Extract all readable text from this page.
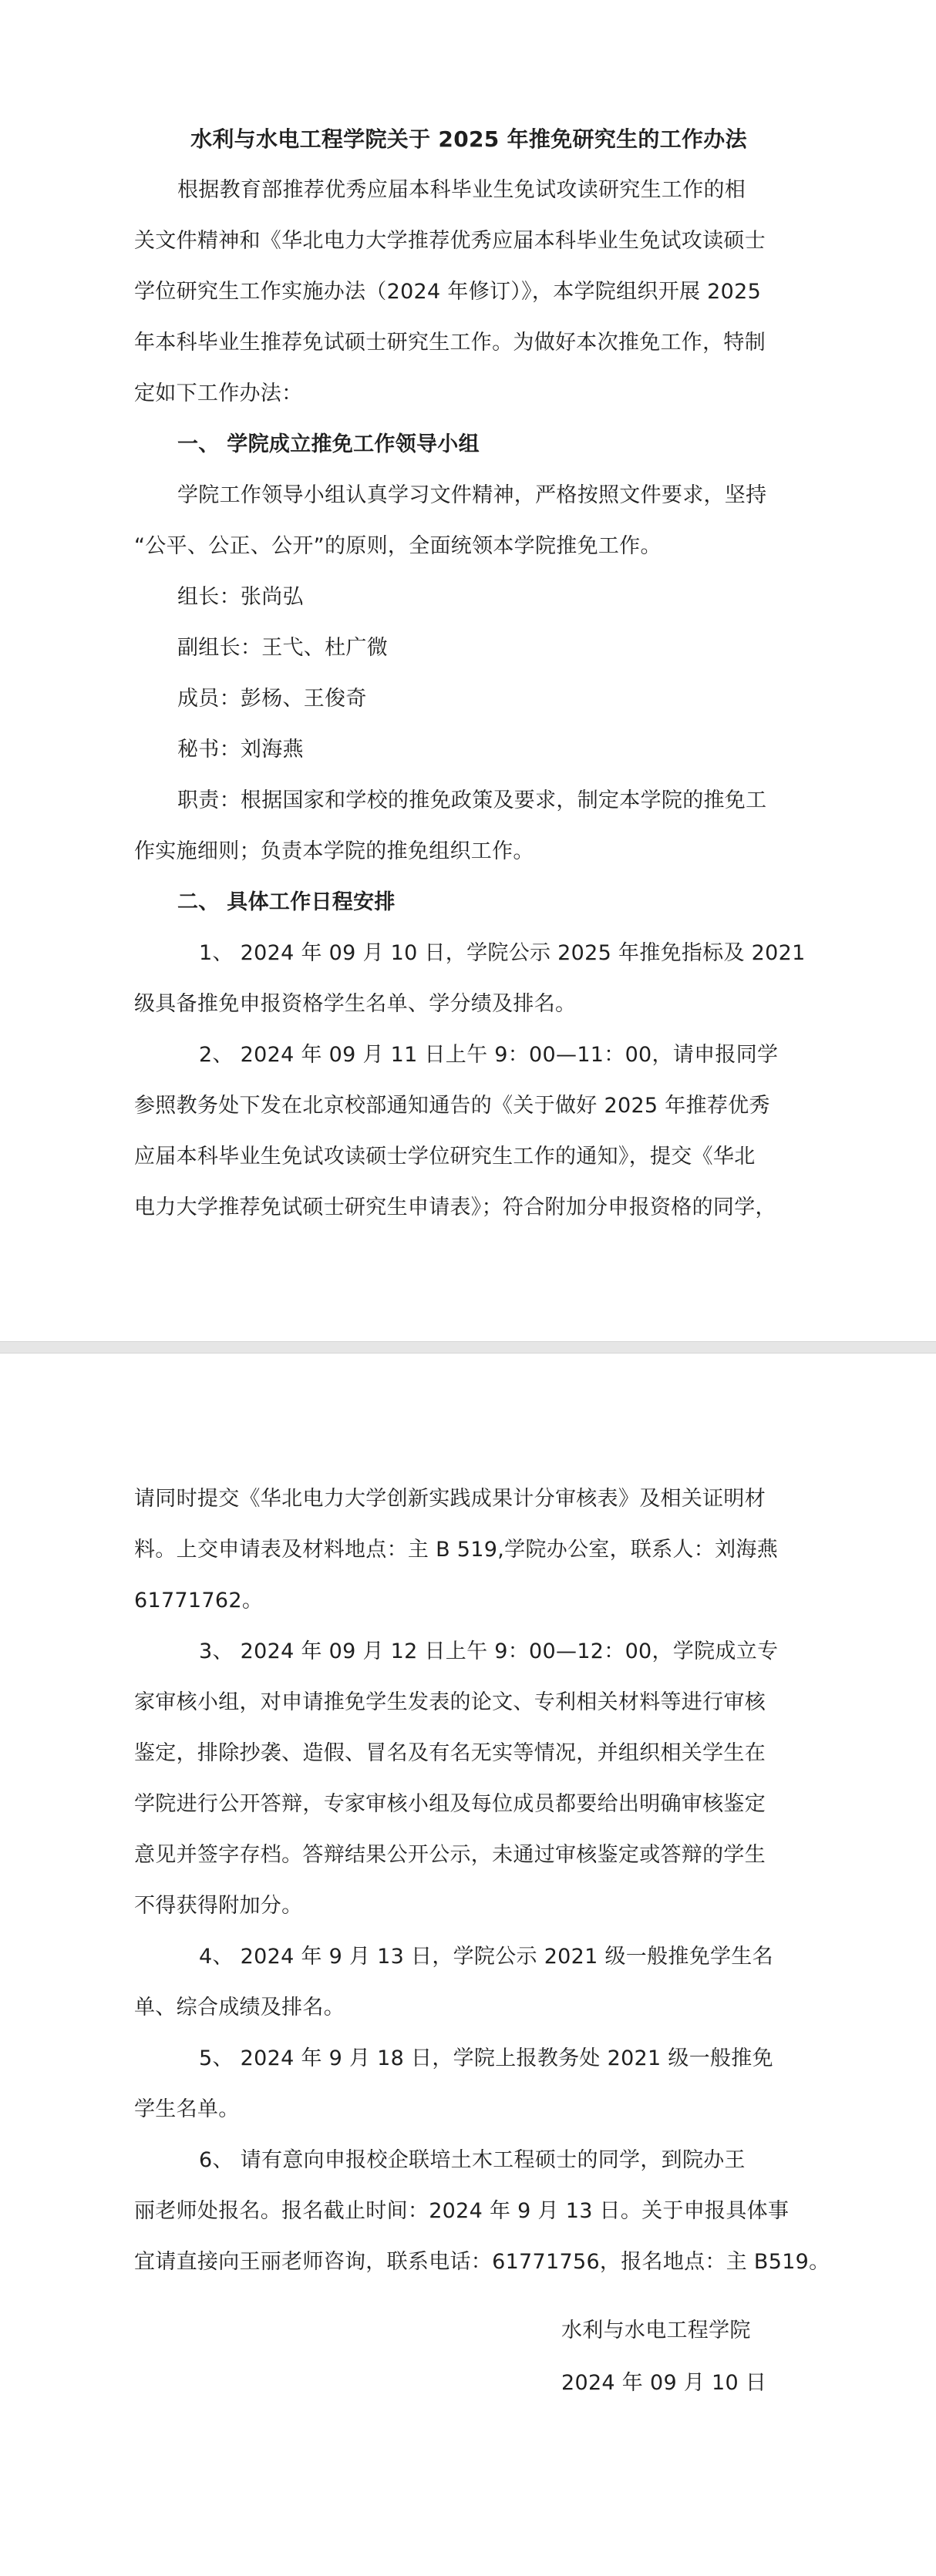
水利与水电工程学院关于 2025 年推免研究生的工作办法

根据教育部推荐优秀应届本科毕业生免试攻读研究生工作的相

关文件精神和《华北电力大学推荐优秀应届本科毕业生免试攻读硕士

学位研究生工作实施办法（2024 年修订）》，本学院组织开展 2025

年本科毕业生推荐免试硕士研究生工作。为做好本次推免工作，特制

定如下工作办法：

一、 学院成立推免工作领导小组

学院工作领导小组认真学习文件精神，严格按照文件要求，坚持

“公平、公正、公开”的原则，全面统领本学院推免工作。

组长：张尚弘

副组长：王弋、杜广微

成员：彭杨、王俊奇

秘书：刘海燕

职责：根据国家和学校的推免政策及要求，制定本学院的推免工

作实施细则；负责本学院的推免组织工作。

二、 具体工作日程安排

1、 2024 年 09 月 10 日，学院公示 2025 年推免指标及 2021

级具备推免申报资格学生名单、学分绩及排名。

2、 2024 年 09 月 11 日上午 9：00—11：00，请申报同学

参照教务处下发在北京校部通知通告的《关于做好 2025 年推荐优秀

应届本科毕业生免试攻读硕士学位研究生工作的通知》，提交《华北

电力大学推荐免试硕士研究生申请表》；符合附加分申报资格的同学，

请同时提交《华北电力大学创新实践成果计分审核表》及相关证明材

料。上交申请表及材料地点：主 B 519,学院办公室，联系人：刘海燕

61771762。

3、 2024 年 09 月 12 日上午 9：00—12：00，学院成立专

家审核小组，对申请推免学生发表的论文、专利相关材料等进行审核

鉴定，排除抄袭、造假、冒名及有名无实等情况，并组织相关学生在

学院进行公开答辩，专家审核小组及每位成员都要给出明确审核鉴定

意见并签字存档。答辩结果公开公示，未通过审核鉴定或答辩的学生

不得获得附加分。

4、 2024 年 9 月 13 日，学院公示 2021 级一般推免学生名

单、综合成绩及排名。

5、 2024 年 9 月 18 日，学院上报教务处 2021 级一般推免

学生名单。

6、 请有意向申报校企联培土木工程硕士的同学，到院办王

丽老师处报名。报名截止时间：2024 年 9 月 13 日。关于申报具体事

宜请直接向王丽老师咨询，联系电话：61771756，报名地点：主 B519。

水利与水电工程学院

2024 年 09 月 10 日
